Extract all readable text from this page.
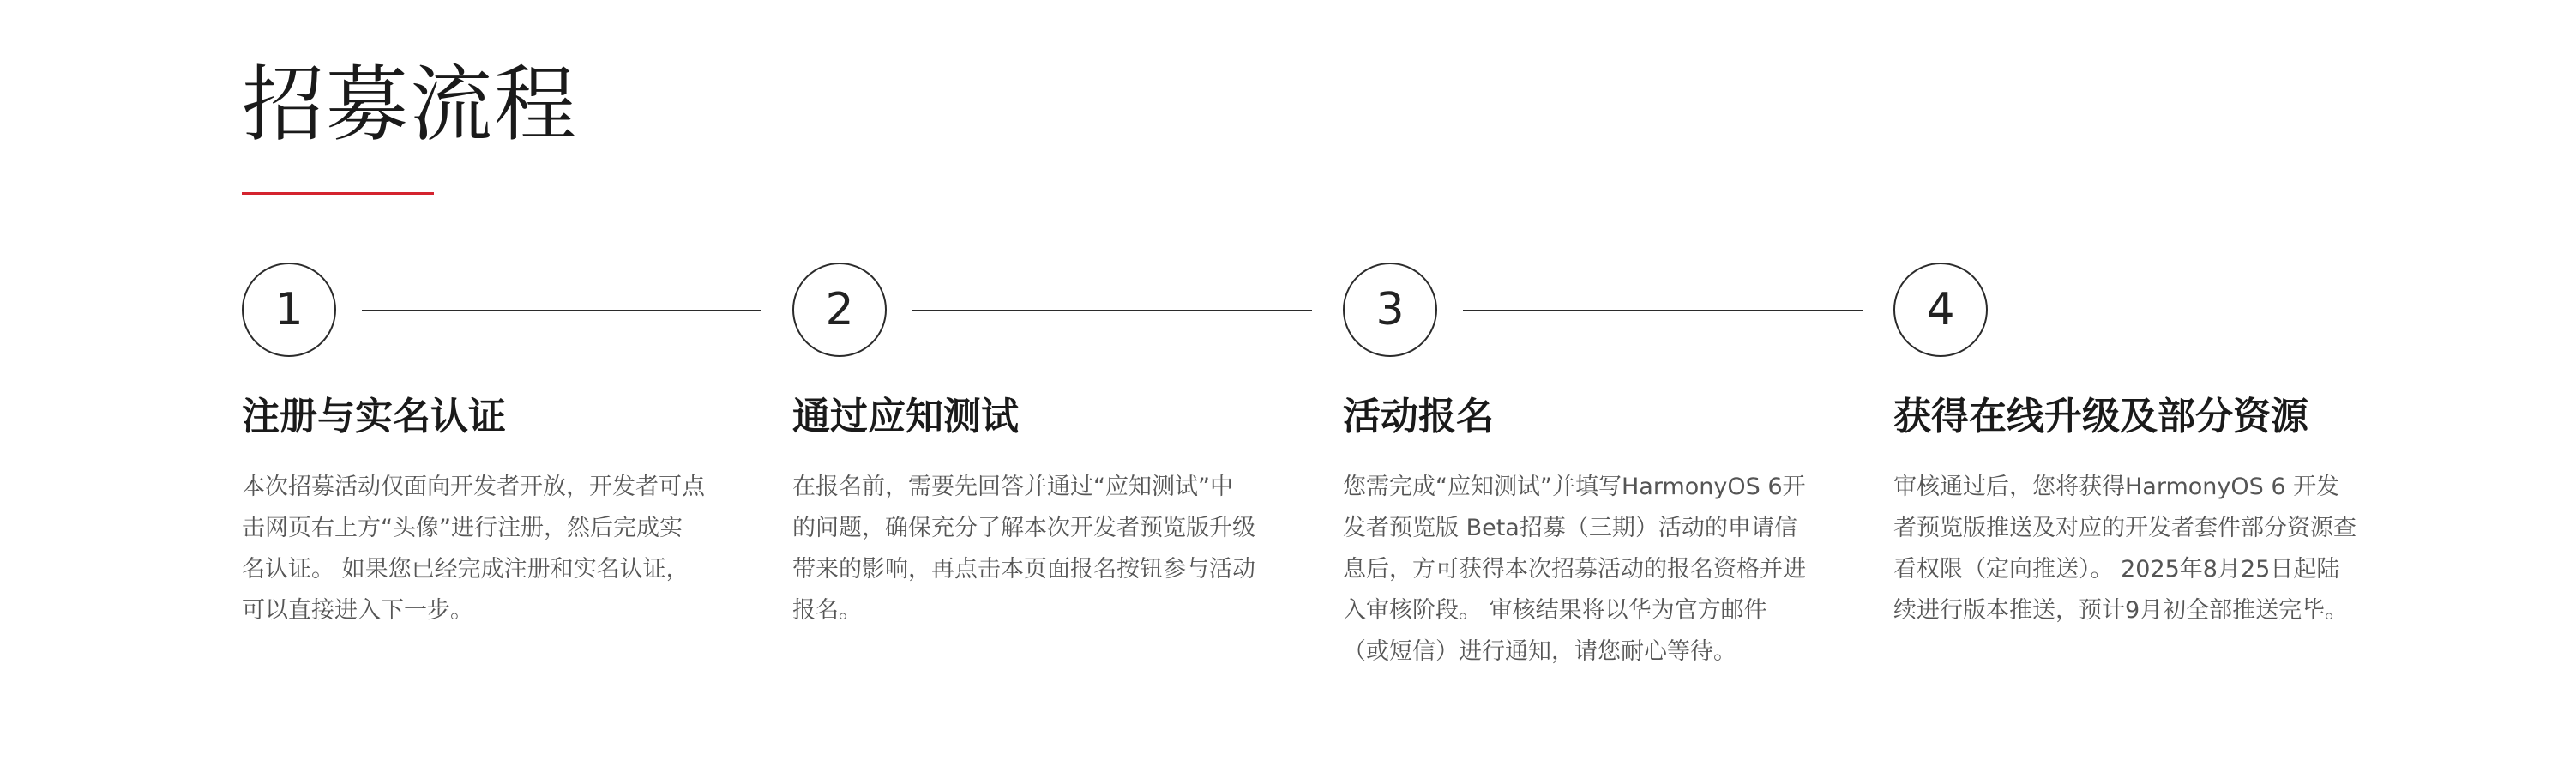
招募流程
1
注册与实名认证

本次招募活动仅面向开发者开放，开发者可点击网页右上方“头像”进行注册，然后完成实名认证。 如果您已经完成注册和实名认证，可以直接进入下一步。

2
通过应知测试

在报名前，需要先回答并通过“应知测试”中的问题，确保充分了解本次开发者预览版升级带来的影响，再点击本页面报名按钮参与活动报名。

3
活动报名

您需完成“应知测试”并填写HarmonyOS 6开发者预览版 Beta招募（三期）活动的申请信息后，方可获得本次招募活动的报名资格并进入审核阶段。 审核结果将以华为官方邮件（或短信）进行通知，请您耐心等待。

4
获得在线升级及部分资源

审核通过后，您将获得HarmonyOS 6 开发者预览版推送及对应的开发者套件部分资源查看权限（定向推送）。 2025年8月25日起陆续进行版本推送，预计9月初全部推送完毕。
